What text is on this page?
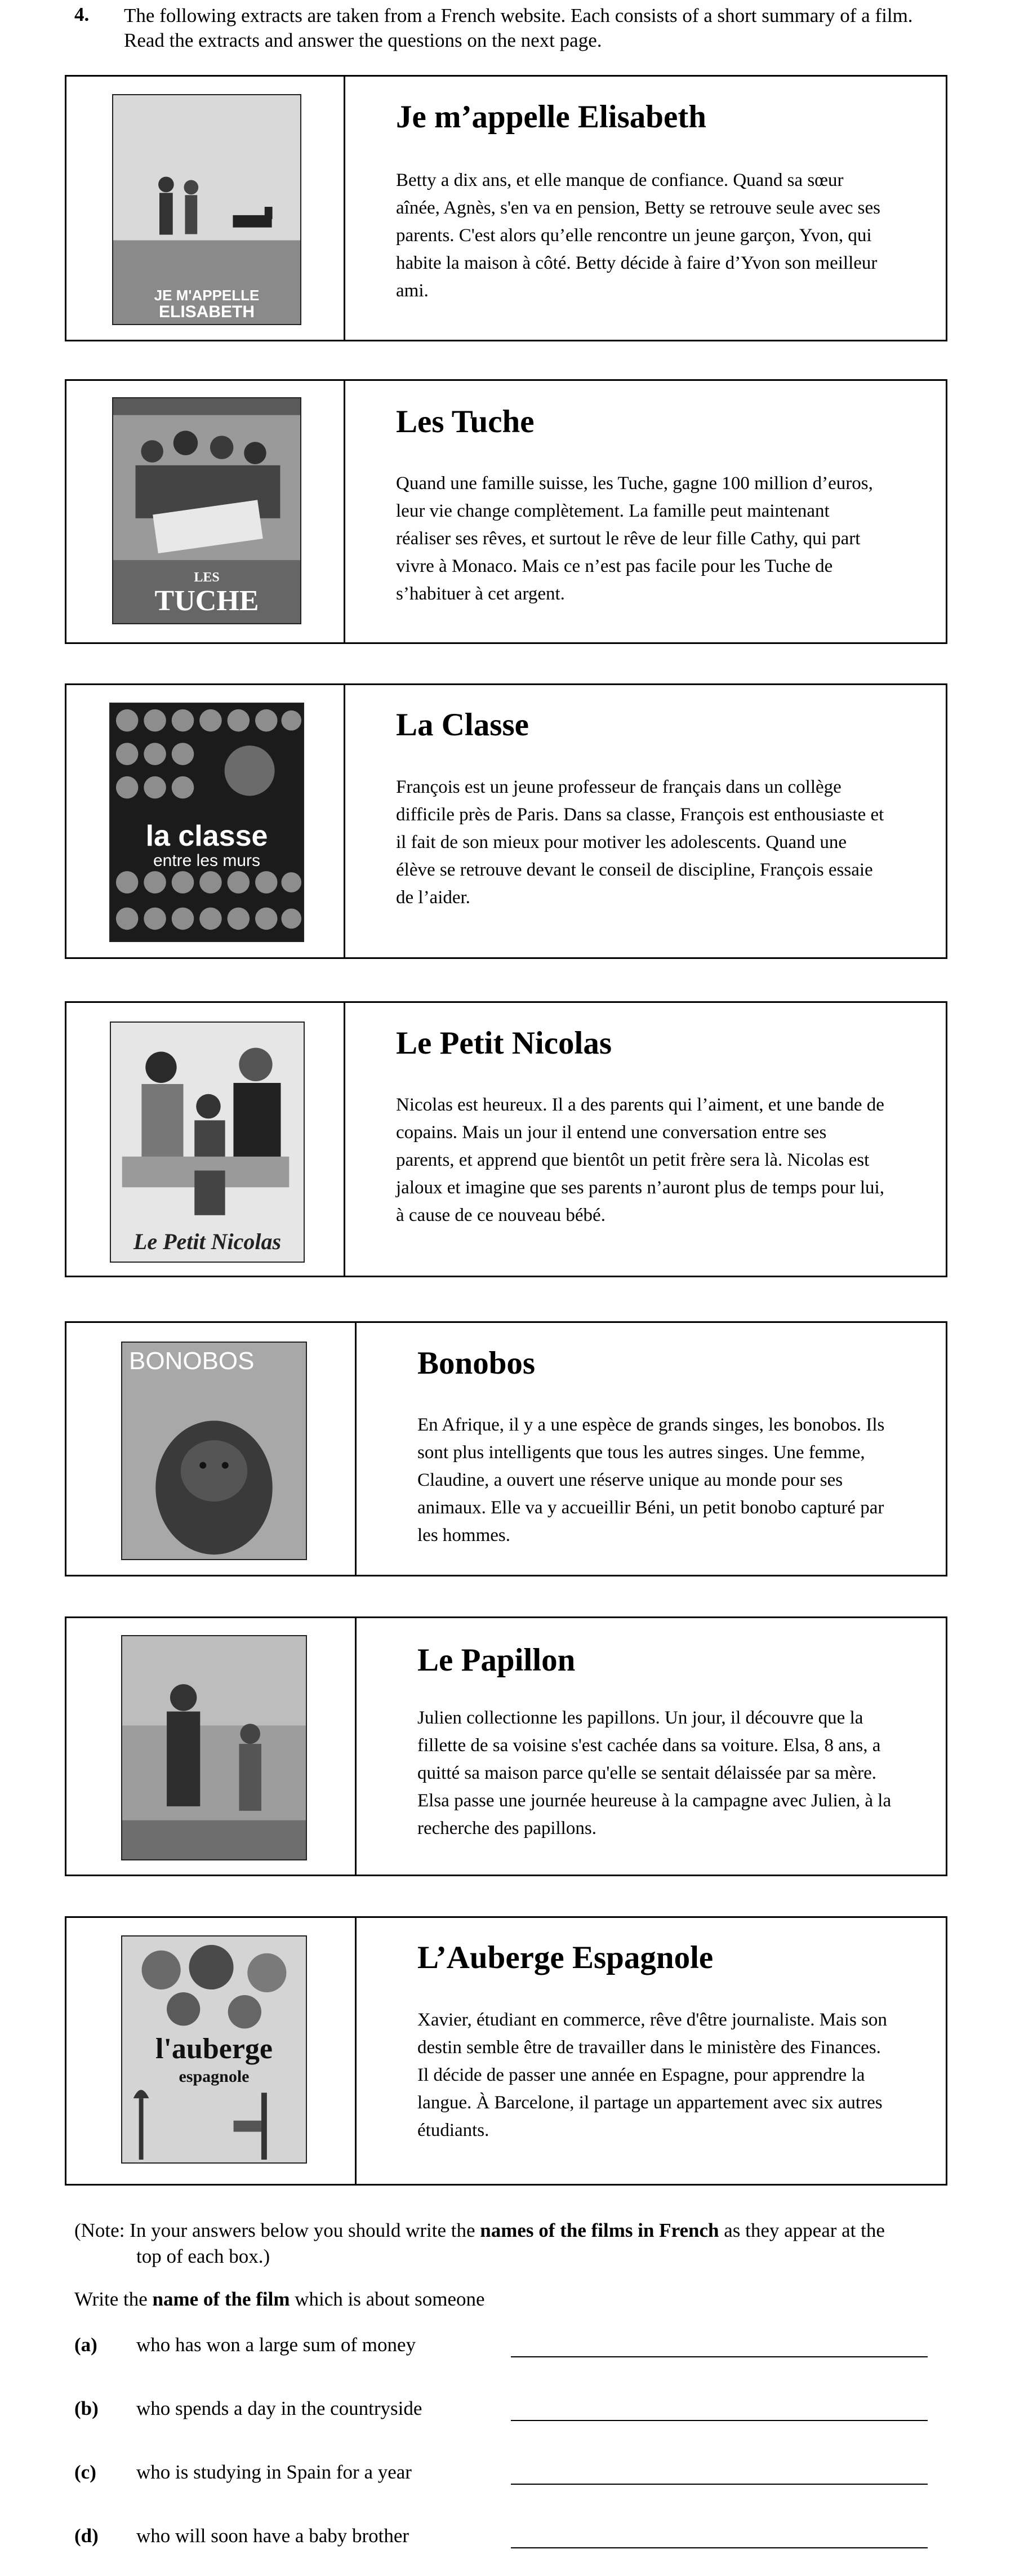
4. The following extracts are taken from a French website. Each consists of a short summary of a film. Read the extracts and answer the questions on the next page.
JE M'APPELLE
ELISABETH
Je m’appelle Elisabeth
Betty a dix ans, et elle manque de confiance. Quand sa sœur aînée, Agnès, s'en va en pension, Betty se retrouve seule avec ses parents. C'est alors qu’elle rencontre un jeune garçon, Yvon, qui habite la maison à côté. Betty décide à faire d’Yvon son meilleur ami.
LES
TUCHE
Les Tuche
Quand une famille suisse, les Tuche, gagne 100 million d’euros, leur vie change complètement. La famille peut maintenant réaliser ses rêves, et surtout le rêve de leur fille Cathy, qui part vivre à Monaco. Mais ce n’est pas facile pour les Tuche de s’habituer à cet argent.
la classe
entre les murs
La Classe
François est un jeune professeur de français dans un collège difficile près de Paris. Dans sa classe, François est enthousiaste et il fait de son mieux pour motiver les adolescents. Quand une élève se retrouve devant le conseil de discipline, François essaie de l’aider.
Le Petit Nicolas
Le Petit Nicolas
Nicolas est heureux. Il a des parents qui l’aiment, et une bande de copains. Mais un jour il entend une conversation entre ses parents, et apprend que bientôt un petit frère sera là. Nicolas est jaloux et imagine que ses parents n’auront plus de temps pour lui, à cause de ce nouveau bébé.
BONOBOS	Bonobos
En Afrique, il y a une espèce de grands singes, les bonobos. Ils sont plus intelligents que tous les autres singes. Une femme, Claudine, a ouvert une réserve unique au monde pour ses animaux. Elle va y accueillir Béni, un petit bonobo capturé par les hommes.
Le Papillon
Julien collectionne les papillons. Un jour, il découvre que la fillette de sa voisine s'est cachée dans sa voiture. Elsa, 8 ans, a quitté sa maison parce qu'elle se sentait délaissée par sa mère. Elsa passe une journée heureuse à la campagne avec Julien, à la recherche des papillons.
l'auberge
espagnole
L’Auberge Espagnole
Xavier, étudiant en commerce, rêve d'être journaliste. Mais son destin semble être de travailler dans le ministère des Finances. Il décide de passer une année en Espagne, pour apprendre la langue. À Barcelone, il partage un appartement avec six autres étudiants.
(Note: In your answers below you should write the names of the films in French as they appear at the
top of each box.)
Write the name of the film which is about someone
(a) who has won a large sum of money
(b) who spends a day in the countryside
(c) who is studying in Spain for a year
(d) who will soon have a baby brother
